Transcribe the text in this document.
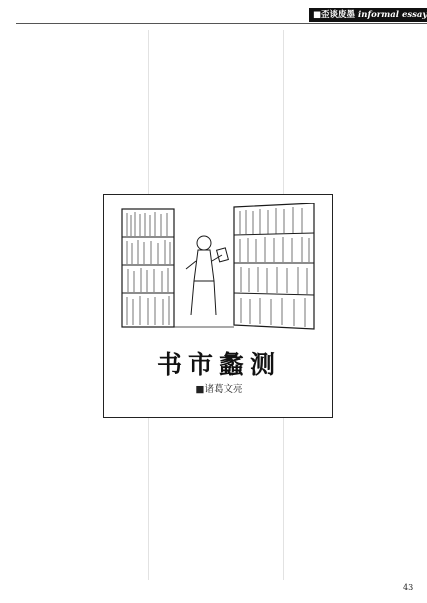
■歪谈废墨 informal essay

书市蠡测
■诸葛文亮

43
